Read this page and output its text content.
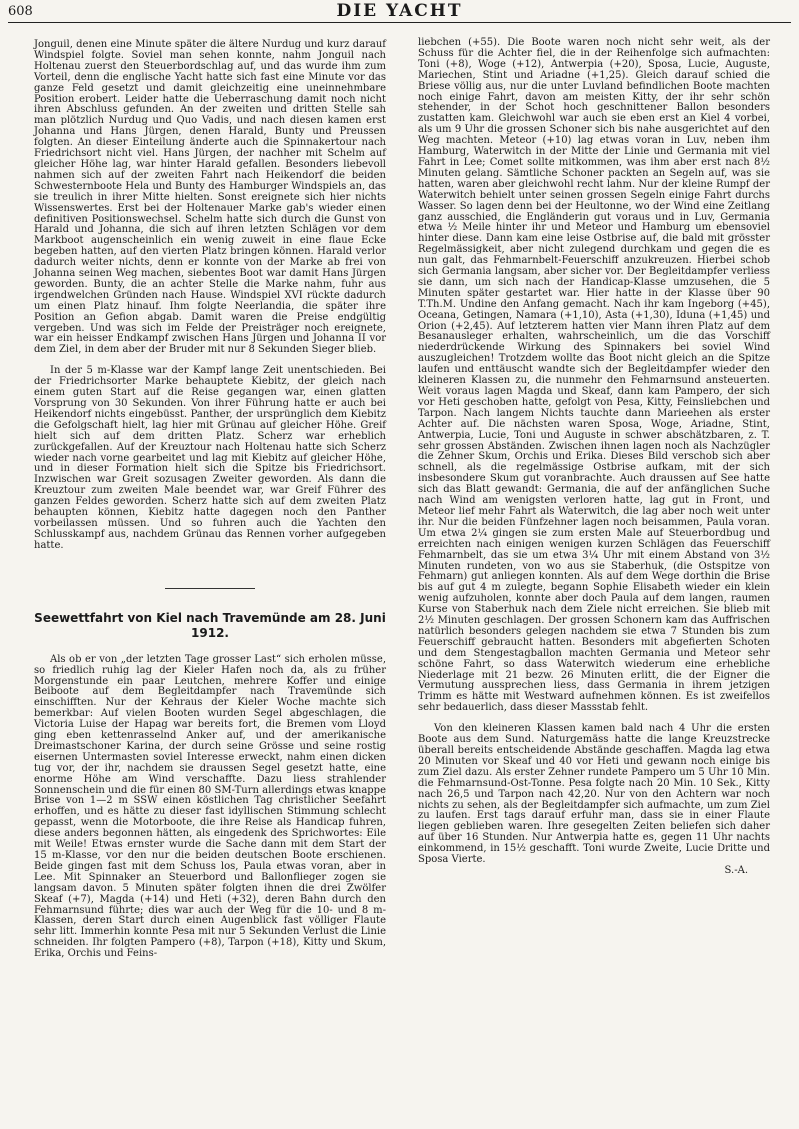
608	DIE YACHT

Jonguil, denen eine Minute später die ältere Nurdug und kurz darauf Windspiel folgte. Soviel man sehen konnte, nahm Jonguil nach Holtenau zuerst den Steuerbordschlag auf, und das wurde ihm zum Vorteil, denn die englische Yacht hatte sich fast eine Minute vor das ganze Feld gesetzt und damit gleichzeitig eine uneinnehmbare Position erobert. Leider hatte die Ueberraschung damit noch nicht ihren Abschluss gefunden. An der zweiten und dritten Stelle sah man plötzlich Nurdug und Quo Vadis, und nach diesen kamen erst Johanna und Hans Jürgen, denen Harald, Bunty und Preussen folgten. An dieser Einteilung änderte auch die Spinnakertour nach Friedrichsort nicht viel. Hans Jürgen, der nachher mit Schelm auf gleicher Höhe lag, war hinter Harald gefallen. Besonders liebevoll nahmen sich auf der zweiten Fahrt nach Heikendorf die beiden Schwesternboote Hela und Bunty des Hamburger Windspiels an, das sie treulich in ihrer Mitte hielten. Sonst ereignete sich hier nichts Wissenswertes. Erst bei der Holtenauer Marke gab's wieder einen definitiven Positionswechsel. Schelm hatte sich durch die Gunst von Harald und Johanna, die sich auf ihren letzten Schlägen vor dem Markboot augenscheinlich ein wenig zuweit in eine flaue Ecke begeben hatten, auf den vierten Platz bringen können. Harald verlor dadurch weiter nichts, denn er konnte von der Marke ab frei von Johanna seinen Weg machen, siebentes Boot war damit Hans Jürgen geworden. Bunty, die an achter Stelle die Marke nahm, fuhr aus irgendwelchen Gründen nach Hause. Windspiel XVI rückte dadurch um einen Platz hinauf. Ihm folgte Neerlandia, die später ihre Position an Gefion abgab. Damit waren die Preise endgültig vergeben. Und was sich im Felde der Preisträger noch ereignete, war ein heisser Endkampf zwischen Hans Jürgen und Johanna II vor dem Ziel, in dem aber der Bruder mit nur 8 Sekunden Sieger blieb.

In der 5 m-Klasse war der Kampf lange Zeit unentschieden. Bei der Friedrichsorter Marke behauptete Kiebitz, der gleich nach einem guten Start auf die Reise gegangen war, einen glatten Vorsprung von 30 Sekunden. Von ihrer Führung hatte er auch bei Heikendorf nichts eingebüsst. Panther, der ursprünglich dem Kiebitz die Gefolgschaft hielt, lag hier mit Grünau auf gleicher Höhe. Greif hielt sich auf dem dritten Platz. Scherz war erheblich zurückgefallen. Auf der Kreuztour nach Holtenau hatte sich Scherz wieder nach vorne gearbeitet und lag mit Kiebitz auf gleicher Höhe, und in dieser Formation hielt sich die Spitze bis Friedrichsort. Inzwischen war Greit sozusagen Zweiter geworden. Als dann die Kreuztour zum zweiten Male beendet war, war Greif Führer des ganzen Feldes geworden. Scherz hatte sich auf dem zweiten Platz behaupten können, Kiebitz hatte dagegen noch den Panther vorbeilassen müssen. Und so fuhren auch die Yachten den Schlusskampf aus, nachdem Grünau das Rennen vorher aufgegeben hatte.

Seewettfahrt von Kiel nach Travemünde am 28. Juni 1912.

Als ob er von „der letzten Tage grosser Last“ sich erholen müsse, so friedlich ruhig lag der Kieler Hafen noch da, als zu früher Morgenstunde ein paar Leutchen, mehrere Koffer und einige Beiboote auf dem Begleitdampfer nach Travemünde sich einschifften. Nur der Kehraus der Kieler Woche machte sich bemerkbar: Auf vielen Booten wurden Segel abgeschlagen, die Victoria Luise der Hapag war bereits fort, die Bremen vom Lloyd ging eben kettenrasselnd Anker auf, und der amerikanische Dreimastschoner Karina, der durch seine Grösse und seine rostig eisernen Untermasten soviel Interesse erweckt, nahm einen dicken tug vor, der ihr, nachdem sie draussen Segel gesetzt hatte, eine enorme Höhe am Wind verschaffte. Dazu liess strahlender Sonnenschein und die für einen 80 SM-Turn allerdings etwas knappe Brise von 1—2 m SSW einen köstlichen Tag christlicher Seefahrt erhoffen, und es hätte zu dieser fast idyllischen Stimmung schlecht gepasst, wenn die Motorboote, die ihre Reise als Handicap fuhren, diese anders begonnen hätten, als eingedenk des Sprichwortes: Eile mit Weile! Etwas ernster wurde die Sache dann mit dem Start der 15 m-Klasse, vor den nur die beiden deutschen Boote erschienen. Beide gingen fast mit dem Schuss los, Paula etwas voran, aber in Lee. Mit Spinnaker an Steuerbord und Ballonflieger zogen sie langsam davon. 5 Minuten später folgten ihnen die drei Zwölfer Skeaf (+7), Magda (+14) und Heti (+32), deren Bahn durch den Fehmarnsund führte; dies war auch der Weg für die 10- und 8 m-Klassen, deren Start durch einen Augenblick fast völliger Flaute sehr litt. Immerhin konnte Pesa mit nur 5 Sekunden Verlust die Linie schneiden. Ihr folgten Pampero (+8), Tarpon (+18), Kitty und Skum, Erika, Orchis und Feins-

liebchen (+55). Die Boote waren noch nicht sehr weit, als der Schuss für die Achter fiel, die in der Reihenfolge sich aufmachten: Toni (+8), Woge (+12), Antwerpia (+20), Sposa, Lucie, Auguste, Mariechen, Stint und Ariadne (+1,25). Gleich darauf schied die Briese völlig aus, nur die unter Luvland befindlichen Boote machten noch einige Fahrt, davon am meisten Kitty, der ihr sehr schön stehender, in der Schot hoch geschnittener Ballon besonders zustatten kam. Gleichwohl war auch sie eben erst an Kiel 4 vorbei, als um 9 Uhr die grossen Schoner sich bis nahe ausgerichtet auf den Weg machten. Meteor (+10) lag etwas voran in Luv, neben ihm Hamburg, Waterwitch in der Mitte der Linie und Germania mit viel Fahrt in Lee; Comet sollte mitkommen, was ihm aber erst nach 8½ Minuten gelang. Sämtliche Schoner packten an Segeln auf, was sie hatten, waren aber gleichwohl recht lahm. Nur der kleine Rumpf der Waterwitch behielt unter seinen grossen Segeln einige Fahrt durchs Wasser. So lagen denn bei der Heultonne, wo der Wind eine Zeitlang ganz ausschied, die Engländerin gut voraus und in Luv, Germania etwa ½ Meile hinter ihr und Meteor und Hamburg um ebensoviel hinter diese. Dann kam eine leise Ostbrise auf, die bald mit grösster Regelmässigkeit, aber nicht zulegend durchkam und gegen die es nun galt, das Fehmarnbelt-Feuerschiff anzukreuzen. Hierbei schob sich Germania langsam, aber sicher vor. Der Begleitdampfer verliess sie dann, um sich nach der Handicap-Klasse umzusehen, die 5 Minuten später gestartet war. Hier hatte in der Klasse über 90 T.Th.M. Undine den Anfang gemacht. Nach ihr kam Ingeborg (+45), Oceana, Getingen, Namara (+1,10), Asta (+1,30), Iduna (+1,45) und Orion (+2,45). Auf letzterem hatten vier Mann ihren Platz auf dem Besanausleger erhalten, wahrscheinlich, um die das Vorschiff niederdrückende Wirkung des Spinnakers bei soviel Wind auszugleichen! Trotzdem wollte das Boot nicht gleich an die Spitze laufen und enttäuscht wandte sich der Begleitdampfer wieder den kleineren Klassen zu, die nunmehr den Fehmarnsund ansteuerten. Weit voraus lagen Magda und Skeaf, dann kam Pampero, der sich vor Heti geschoben hatte, gefolgt von Pesa, Kitty, Feinsliebchen und Tarpon. Nach langem Nichts tauchte dann Marieehen als erster Achter auf. Die nächsten waren Sposa, Woge, Ariadne, Stint, Antwerpia, Lucie, Toni und Auguste in schwer abschätzbaren, z. T. sehr grossen Abständen. Zwischen ihnen lagen noch als Nachzügler die Zehner Skum, Orchis und Erika. Dieses Bild verschob sich aber schnell, als die regelmässige Ostbrise aufkam, mit der sich insbesondere Skum gut voranbrachte. Auch draussen auf See hatte sich das Blatt gewandt: Germania, die auf der anfänglichen Suche nach Wind am wenigsten verloren hatte, lag gut in Front, und Meteor lief mehr Fahrt als Waterwitch, die lag aber noch weit unter ihr. Nur die beiden Fünfzehner lagen noch beisammen, Paula voran. Um etwa 2¼ gingen sie zum ersten Male auf Steuerbordbug und erreichten nach einigen wenigen kurzen Schlägen das Feuerschiff Fehmarnbelt, das sie um etwa 3¼ Uhr mit einem Abstand von 3½ Minuten rundeten, von wo aus sie Staberhuk, (die Ostspitze von Fehmarn) gut anliegen konnten. Als auf dem Wege dorthin die Brise bis auf gut 4 m zulegte, begann Sophie Elisabeth wieder ein klein wenig aufzuholen, konnte aber doch Paula auf dem langen, raumen Kurse von Staberhuk nach dem Ziele nicht erreichen. Sie blieb mit 2½ Minuten geschlagen. Der grossen Schonern kam das Auffrischen natürlich besonders gelegen nachdem sie etwa 7 Stunden bis zum Feuerschiff gebraucht hatten. Besonders mit abgefierten Schoten und dem Stengestagballon machten Germania und Meteor sehr schöne Fahrt, so dass Waterwitch wiederum eine erhebliche Niederlage mit 21 bezw. 26 Minuten erlitt, die der Eigner die Vermutung aussprechen liess, dass Germania in ihrem jetzigen Trimm es hätte mit Westward aufnehmen können. Es ist zweifellos sehr bedauerlich, dass dieser Massstab fehlt.

Von den kleineren Klassen kamen bald nach 4 Uhr die ersten Boote aus dem Sund. Naturgemäss hatte die lange Kreuzstrecke überall bereits entscheidende Abstände geschaffen. Magda lag etwa 20 Minuten vor Skeaf und 40 vor Heti und gewann noch einige bis zum Ziel dazu. Als erster Zehner rundete Pampero um 5 Uhr 10 Min. die Fehmarnsund-Ost-Tonne. Pesa folgte nach 20 Min. 10 Sek., Kitty nach 26,5 und Tarpon nach 42,20. Nur von den Achtern war noch nichts zu sehen, als der Begleitdampfer sich aufmachte, um zum Ziel zu laufen. Erst tags darauf erfuhr man, dass sie in einer Flaute liegen geblieben waren. Ihre gesegelten Zeiten beliefen sich daher auf über 16 Stunden. Nur Antwerpia hatte es, gegen 11 Uhr nachts einkommend, in 15½ geschafft. Toni wurde Zweite, Lucie Dritte und Sposa Vierte.

S.-A.
